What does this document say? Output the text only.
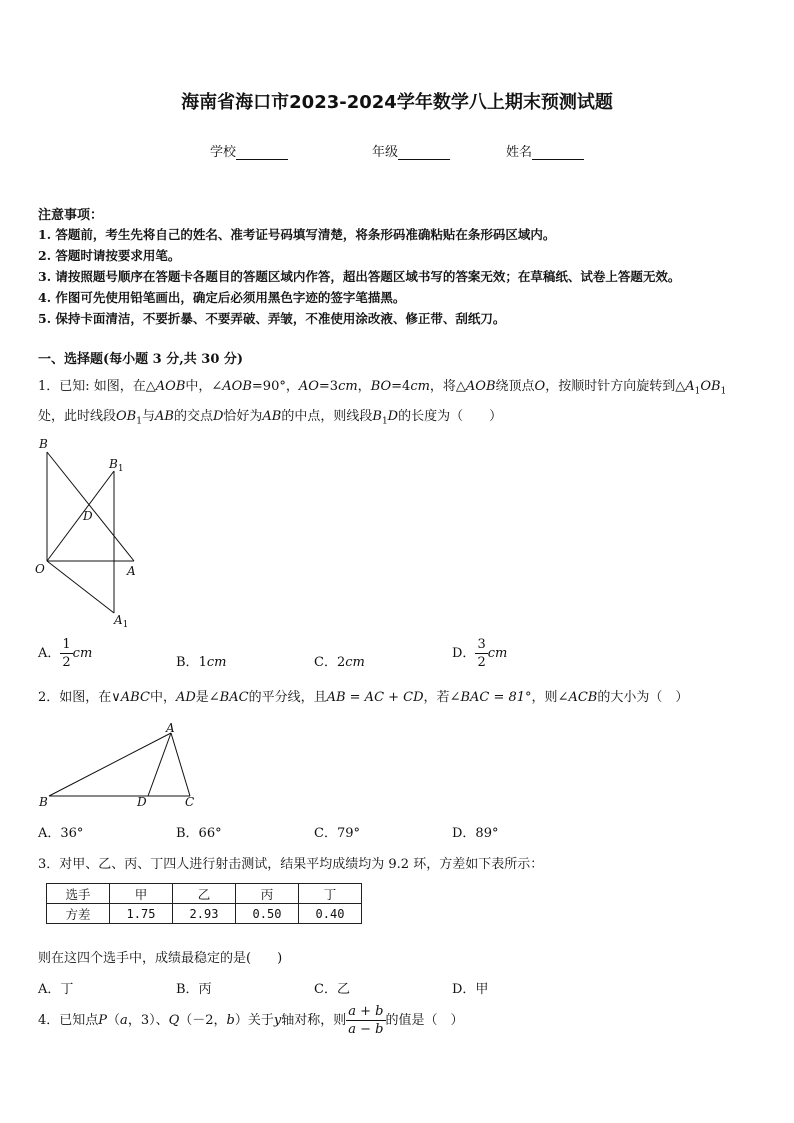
海南省海口市2023-2024学年数学八上期末预测试题
学校	年级	姓名
注意事项：
1. 答题前，考生先将自己的姓名、准考证号码填写清楚，将条形码准确粘贴在条形码区域内。
2. 答题时请按要求用笔。
3. 请按照题号顺序在答题卡各题目的答题区域内作答，超出答题区域书写的答案无效；在草稿纸、试卷上答题无效。
4. 作图可先使用铅笔画出，确定后必须用黑色字迹的签字笔描黑。
5. 保持卡面清洁，不要折暴、不要弄破、弄皱，不准使用涂改液、修正带、刮纸刀。
一、选择题(每小题 3 分,共 30 分)
1．已知: 如图，在△AOB中，∠AOB=90°，AO=3cm，BO=4cm，将△AOB绕顶点O，按顺时针方向旋转到$\triangle A_1OB_1$
处，此时线段$OB_1$与AB的交点D恰好为AB的中点，则线段$B_1D$的长度为（　　）
B
$B_1$
D
O	A
$A_1$
A． $\frac{1}{2}$ cm
B．1cm	C．2cm
D． $\frac{3}{2}$ cm
2．如图，在∨ABC中，AD是∠BAC的平分线，且AB = AC + CD，若∠BAC = 81°，则∠ACB的大小为（　）
A
B	D	C
A．36°	B．66°	C．79°	D．89°
3．对甲、乙、丙、丁四人进行射击测试，结果平均成绩均为 9.2 环，方差如下表所示：
选手	甲	乙	丙	丁
方差	1.75	2.93	0.50	0.40
则在这四个选手中，成绩最稳定的是(　　)
A．丁	B．丙	C．乙	D．甲
4．已知点P（a，3）、Q（－2，b）关于y轴对称，则 $\frac{a + b}{a - b}$ 的值是（　）
